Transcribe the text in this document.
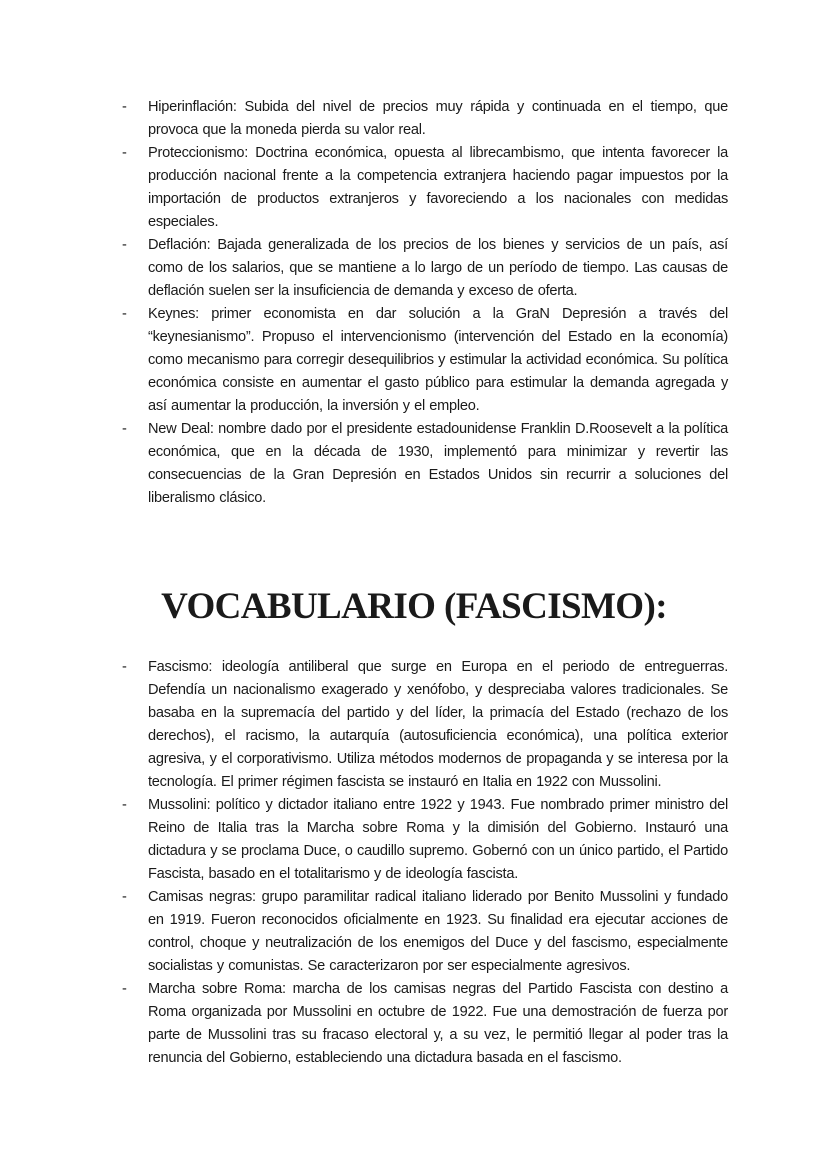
-	Hiperinflación: Subida del nivel de precios muy rápida y continuada en el tiempo, que provoca que la moneda pierda su valor real.
-	Proteccionismo: Doctrina económica, opuesta al librecambismo, que intenta favorecer la producción nacional frente a la competencia extranjera haciendo pagar impuestos por la importación de productos extranjeros y favoreciendo a los nacionales con medidas especiales.
-	Deflación: Bajada generalizada de los precios de los bienes y servicios de un país, así como de los salarios, que se mantiene a lo largo de un período de tiempo. Las causas de deflación suelen ser la insuficiencia de demanda y exceso de oferta.
-	Keynes: primer economista en dar solución a la GraN Depresión a través del “keynesianismo”. Propuso el intervencionismo (intervención del Estado en la economía) como mecanismo para corregir desequilibrios y estimular la actividad económica. Su política económica consiste en aumentar el gasto público para estimular la demanda agregada y así aumentar la producción, la inversión y el empleo.
-	New Deal: nombre dado por el presidente estadounidense Franklin D.Roosevelt a la política económica, que en la década de 1930, implementó para minimizar y revertir las consecuencias de la Gran Depresión en Estados Unidos sin recurrir a soluciones del liberalismo clásico.
VOCABULARIO (FASCISMO):
-	Fascismo: ideología antiliberal que surge en Europa en el periodo de entreguerras. Defendía un nacionalismo exagerado y xenófobo, y despreciaba valores tradicionales. Se basaba en la supremacía del partido y del líder, la primacía del Estado (rechazo de los derechos), el racismo, la autarquía (autosuficiencia económica), una política exterior agresiva, y el corporativismo. Utiliza métodos modernos de propaganda y se interesa por la tecnología. El primer régimen fascista se instauró en Italia en 1922 con Mussolini.
-	Mussolini: político y dictador italiano entre 1922 y 1943. Fue nombrado primer ministro del Reino de Italia tras la Marcha sobre Roma y la dimisión del Gobierno. Instauró una dictadura y se proclama Duce, o caudillo supremo. Gobernó con un único partido, el Partido Fascista, basado en el totalitarismo y de ideología fascista.
-	Camisas negras: grupo paramilitar radical italiano liderado por Benito Mussolini y fundado en 1919. Fueron reconocidos oficialmente en 1923. Su finalidad era ejecutar acciones de control, choque y neutralización de los enemigos del Duce y del fascismo, especialmente socialistas y comunistas. Se caracterizaron por ser especialmente agresivos.
-	Marcha sobre Roma: marcha de los camisas negras del Partido Fascista con destino a Roma organizada por Mussolini en octubre de 1922. Fue una demostración de fuerza por parte de Mussolini tras su fracaso electoral y, a su vez, le permitió llegar al poder tras la renuncia del Gobierno, estableciendo una dictadura basada en el fascismo.
